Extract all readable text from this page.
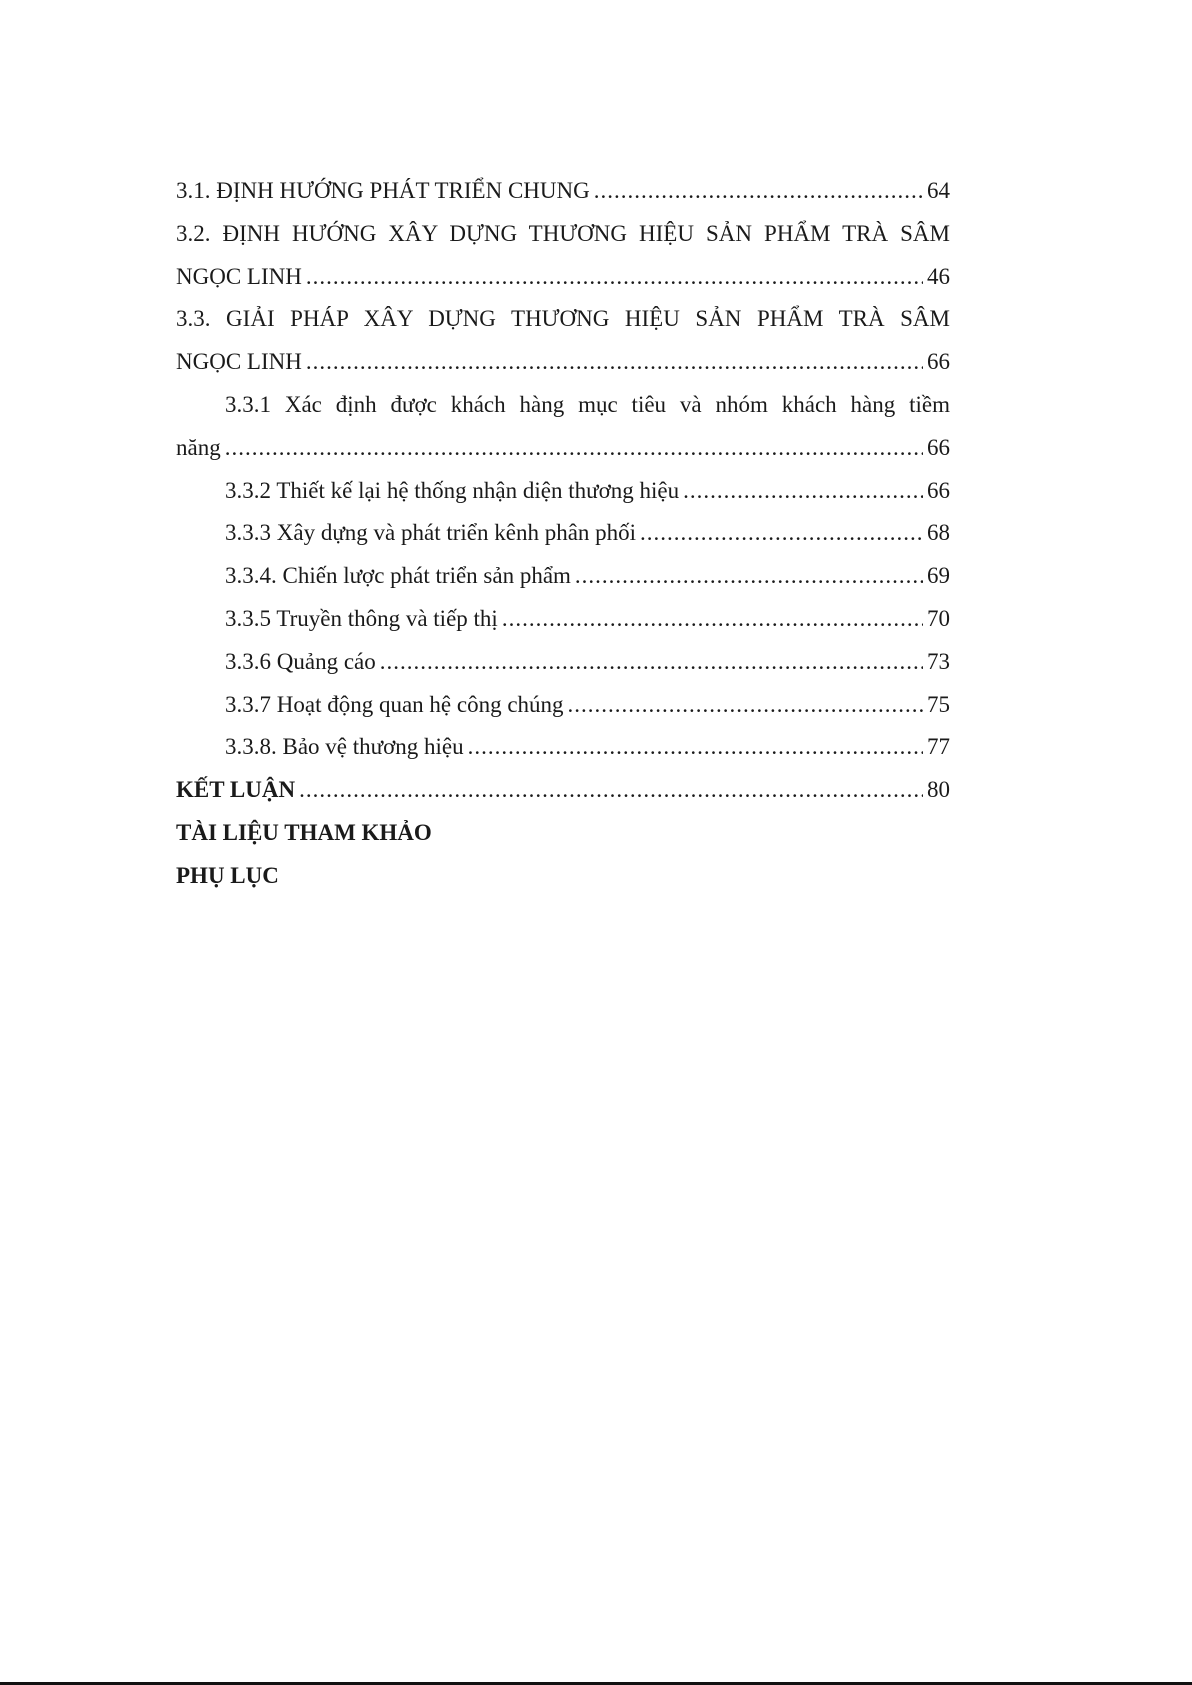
3.1. ĐỊNH HƯỚNG PHÁT TRIỂN CHUNG .....	64
3.2. ĐỊNH HƯỚNG XÂY DỰNG THƯƠNG HIỆU SẢN PHẨM TRÀ SÂM
NGỌC LINH .....	46
3.3. GIẢI PHÁP XÂY DỰNG THƯƠNG HIỆU SẢN PHẨM TRÀ SÂM
NGỌC LINH .....	66
3.3.1 Xác định được khách hàng mục tiêu và nhóm khách hàng tiềm
năng .....	66
3.3.2 Thiết kế lại hệ thống nhận diện thương hiệu .....	66
3.3.3 Xây dựng và phát triển kênh phân phối .....	68
3.3.4. Chiến lược phát triển sản phẩm .....	69
3.3.5 Truyền thông và tiếp thị .....	70
3.3.6 Quảng cáo .....	73
3.3.7 Hoạt động quan hệ công chúng .....	75
3.3.8. Bảo vệ thương hiệu .....	77
KẾT LUẬN .....	80
TÀI LIỆU THAM KHẢO
PHỤ LỤC
